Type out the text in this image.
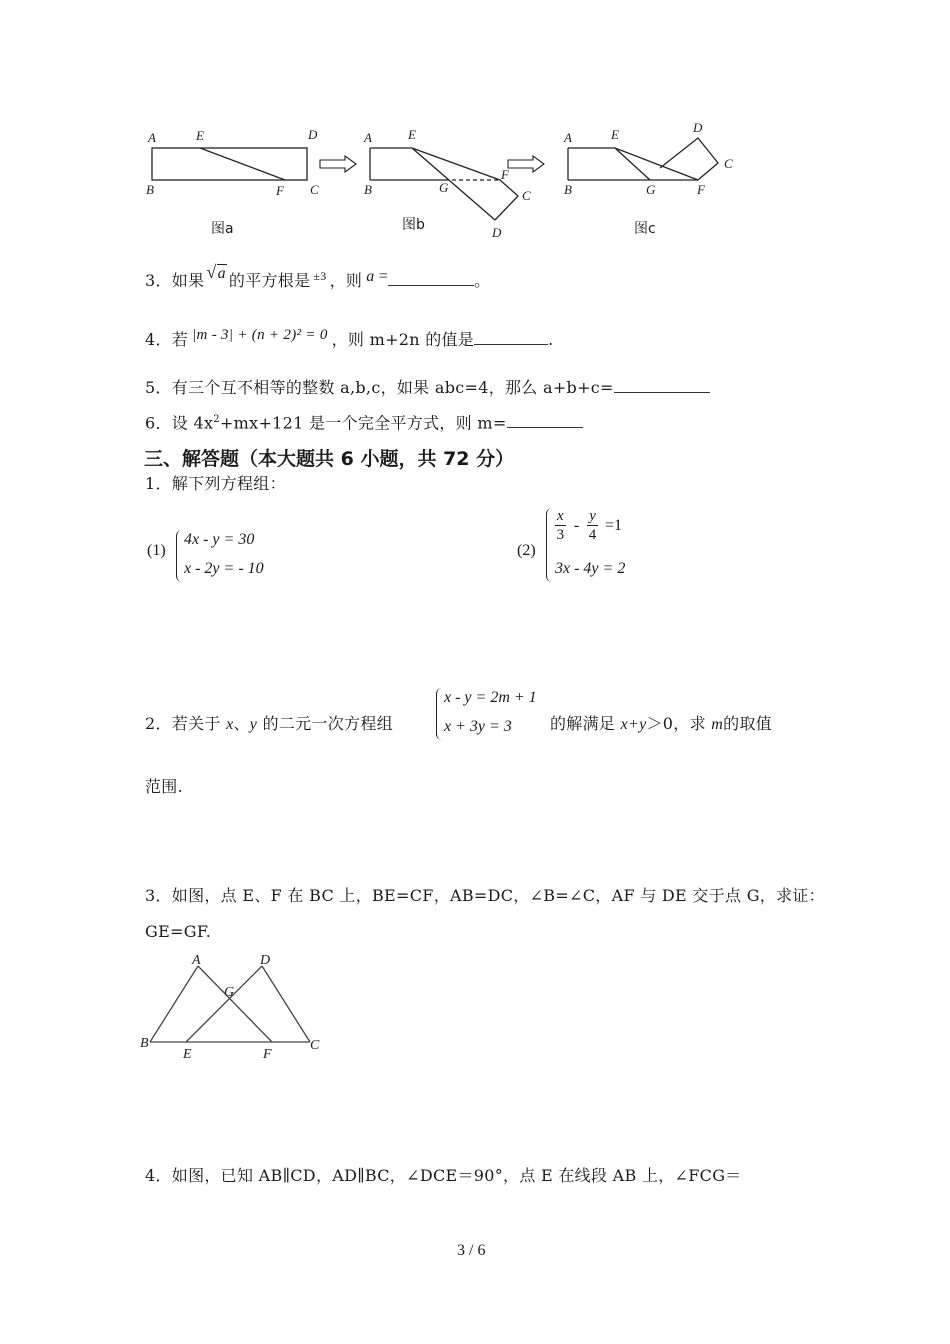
A	E	D
B	F C
A	E
B	G
F
C
D
A	E	D
C
B	G	F
图a	图b	图c
3．如果 √a 的平方根是 $^{\pm 3}$ ，则 a =	。
4．若 |m - 3| + (n + 2)² = 0 ，则 m+2n 的值是	.
5．有三个互不相等的整数 a,b,c，如果 abc=4，那么 a+b+c=
6．设 $4x^2+mx+121$ 是一个完全平方式，则 m=
三、解答题（本大题共 6 小题，共 72 分）
1．解下列方程组：
(1)
4x - y = 30
x - 2y = - 10
(2)
$\frac{x}{3} - \frac{y}{4} =1$
3x - 4y = 2
x - y = 2m + 1
x + 3y = 3
2．若关于 x、y 的二元一次方程组	的解满足 x+y＞0，求 m的取值
范围.
3．如图，点 E、F 在 BC 上，BE=CF，AB=DC，∠B=∠C，AF 与 DE 交于点 G，求证：
GE=GF.
A	D
G
B
E	F
C
4．如图，已知 AB∥CD，AD∥BC，∠DCE＝90°，点 E 在线段 AB 上，∠FCG＝
3 / 6
